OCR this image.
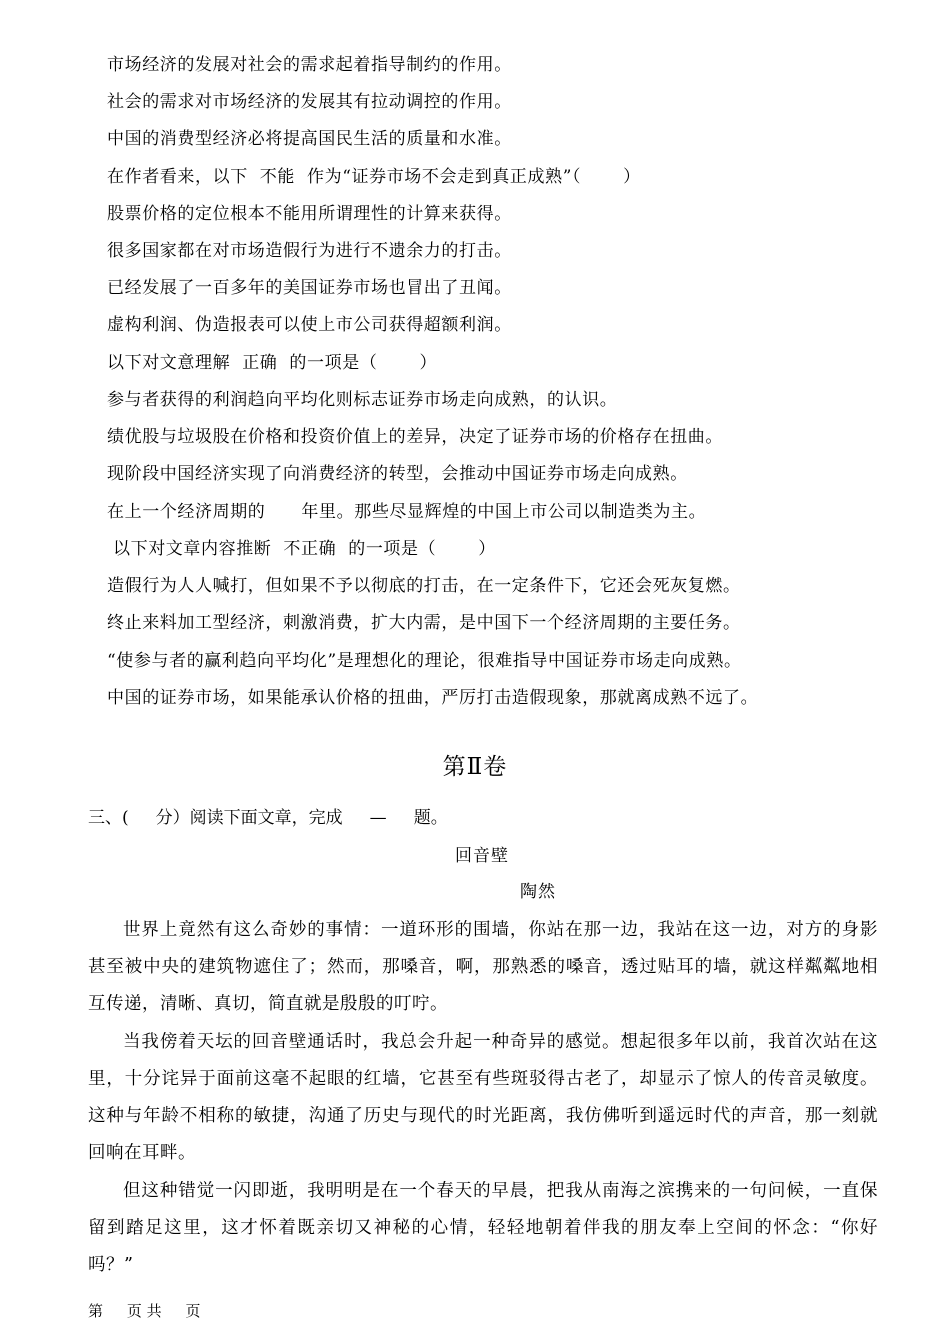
市场经济的发展对社会的需求起着指导制约的作用。
社会的需求对市场经济的发展其有拉动调控的作用。
中国的消费型经济必将提高国民生活的质量和水准。
在作者看来，以下  不能  作为“证券市场不会走到真正成熟”（       ）
股票价格的定位根本不能用所谓理性的计算来获得。
很多国家都在对市场造假行为进行不遗余力的打击。
已经发展了一百多年的美国证券市场也冒出了丑闻。
虚构利润、伪造报表可以使上市公司获得超额利润。
以下对文意理解  正确  的一项是（       ）
参与者获得的利润趋向平均化则标志证券市场走向成熟，的认识。
绩优股与垃圾股在价格和投资价值上的差异，决定了证券市场的价格存在扭曲。
现阶段中国经济实现了向消费经济的转型，会推动中国证券市场走向成熟。
在上一个经济周期的      年里。那些尽显辉煌的中国上市公司以制造类为主。
以下对文章内容推断  不正确  的一项是（       ）
造假行为人人喊打，但如果不予以彻底的打击，在一定条件下，它还会死灰复燃。
终止来料加工型经济，刺激消费，扩大内需，是中国下一个经济周期的主要任务。
“使参与者的赢利趋向平均化”是理想化的理论，很难指导中国证券市场走向成熟。
中国的证券市场，如果能承认价格的扭曲，严厉打击造假现象，那就离成熟不远了。
第Ⅱ卷
三、(     分）阅读下面文章，完成     —     题。
回音壁
陶然

世界上竟然有这么奇妙的事情：一道环形的围墙，你站在那一边，我站在这一边，对方的身影甚至被中央的建筑物遮住了；然而，那嗓音，啊，那熟悉的嗓音，透过贴耳的墙，就这样粼粼地相互传递，清晰、真切，简直就是殷殷的叮咛。

当我傍着天坛的回音壁通话时，我总会升起一种奇异的感觉。想起很多年以前，我首次站在这里，十分诧异于面前这毫不起眼的红墙，它甚至有些斑驳得古老了，却显示了惊人的传音灵敏度。这种与年龄不相称的敏捷，沟通了历史与现代的时光距离，我仿佛听到遥远时代的声音，那一刻就回响在耳畔。

但这种错觉一闪即逝，我明明是在一个春天的早晨，把我从南海之滨携来的一句问候，一直保留到踏足这里，这才怀着既亲切又神秘的心情，轻轻地朝着伴我的朋友奉上空间的怀念：“你好吗？”

第     页 共     页
